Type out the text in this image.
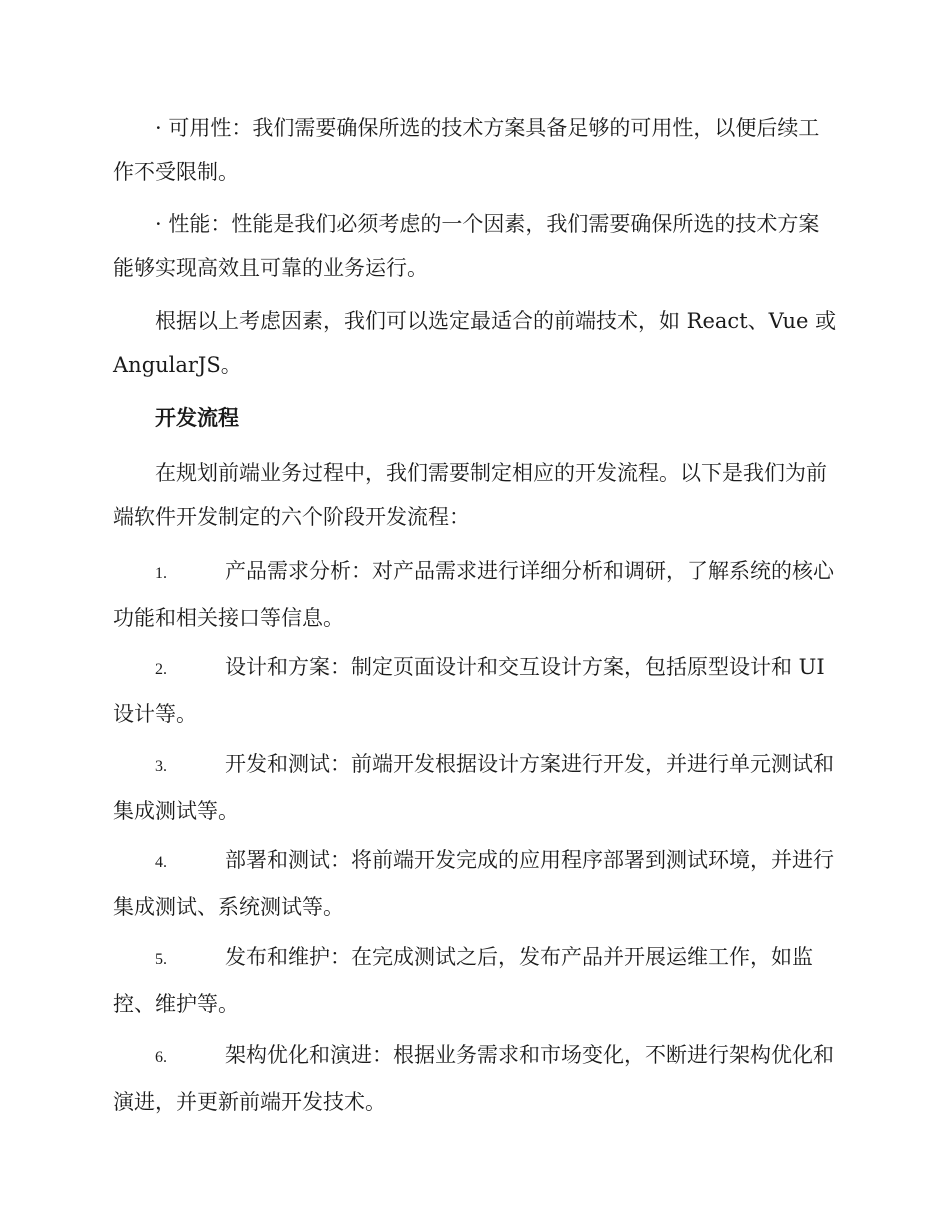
· 可用性：我们需要确保所选的技术方案具备足够的可用性，以便后续工作不受限制。

· 性能：性能是我们必须考虑的一个因素，我们需要确保所选的技术方案能够实现高效且可靠的业务运行。

根据以上考虑因素，我们可以选定最适合的前端技术，如 React、Vue 或 AngularJS。

开发流程

在规划前端业务过程中，我们需要制定相应的开发流程。以下是我们为前端软件开发制定的六个阶段开发流程：

1.	产品需求分析：对产品需求进行详细分析和调研，了解系统的核心功能和相关接口等信息。

2.	设计和方案：制定页面设计和交互设计方案，包括原型设计和 UI 设计等。

3.	开发和测试：前端开发根据设计方案进行开发，并进行单元测试和集成测试等。

4.	部署和测试：将前端开发完成的应用程序部署到测试环境，并进行集成测试、系统测试等。

5.	发布和维护：在完成测试之后，发布产品并开展运维工作，如监控、维护等。

6.	架构优化和演进：根据业务需求和市场变化，不断进行架构优化和演进，并更新前端开发技术。
